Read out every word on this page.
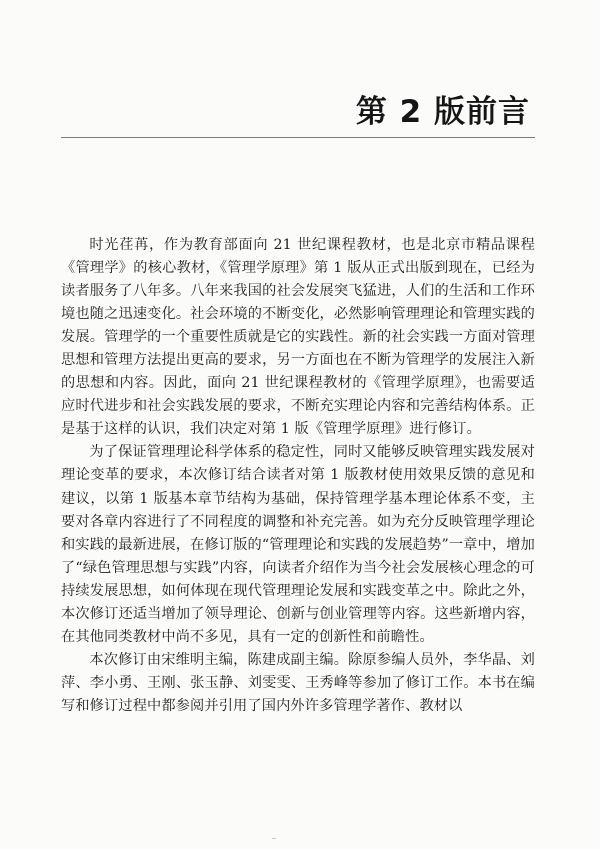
第 2 版前言

时光荏苒，作为教育部面向 21 世纪课程教材，也是北京市精品课程《管理学》的核心教材，《管理学原理》第 1 版从正式出版到现在，已经为读者服务了八年多。八年来我国的社会发展突飞猛进，人们的生活和工作环境也随之迅速变化。社会环境的不断变化，必然影响管理理论和管理实践的发展。管理学的一个重要性质就是它的实践性。新的社会实践一方面对管理思想和管理方法提出更高的要求，另一方面也在不断为管理学的发展注入新的思想和内容。因此，面向 21 世纪课程教材的《管理学原理》，也需要适应时代进步和社会实践发展的要求，不断充实理论内容和完善结构体系。正是基于这样的认识，我们决定对第 1 版《管理学原理》进行修订。

为了保证管理理论科学体系的稳定性，同时又能够反映管理实践发展对理论变革的要求，本次修订结合读者对第 1 版教材使用效果反馈的意见和建议，以第 1 版基本章节结构为基础，保持管理学基本理论体系不变，主要对各章内容进行了不同程度的调整和补充完善。如为充分反映管理学理论和实践的最新进展，在修订版的“管理理论和实践的发展趋势”一章中，增加了“绿色管理思想与实践”内容，向读者介绍作为当今社会发展核心理念的可持续发展思想，如何体现在现代管理理论发展和实践变革之中。除此之外，本次修订还适当增加了领导理论、创新与创业管理等内容。这些新增内容，在其他同类教材中尚不多见，具有一定的创新性和前瞻性。

本次修订由宋维明主编，陈建成副主编。除原参编人员外，李华晶、刘萍、李小勇、王刚、张玉静、刘雯雯、王秀峰等参加了修订工作。本书在编写和修订过程中都参阅并引用了国内外许多管理学著作、教材以
